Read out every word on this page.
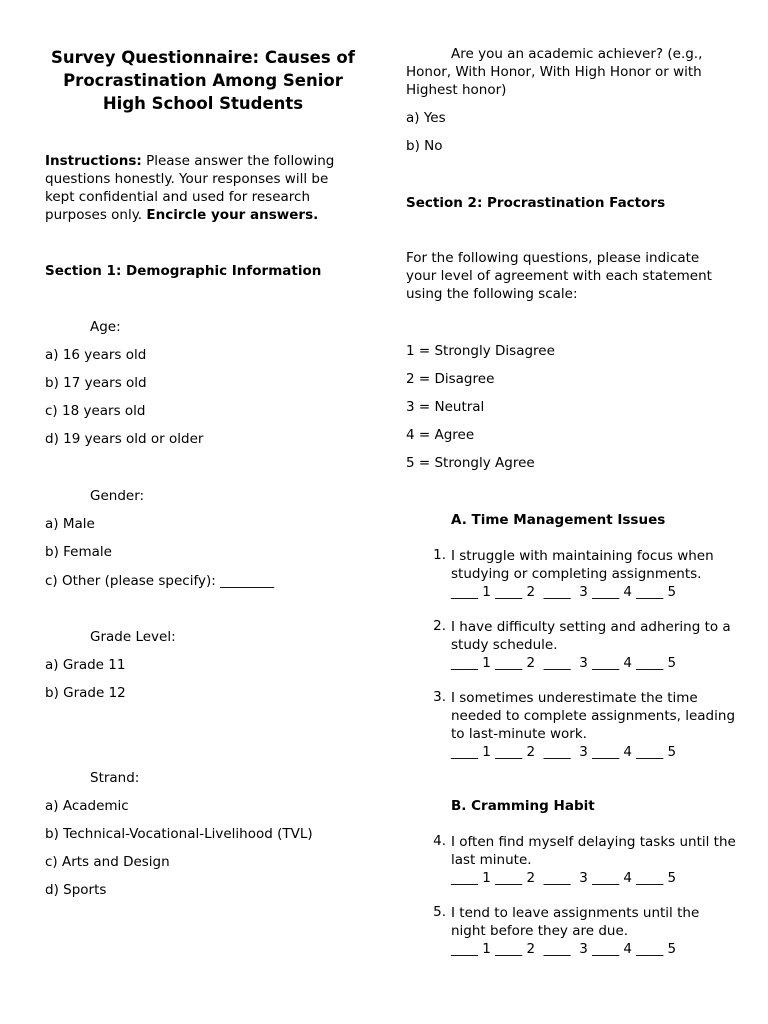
Survey Questionnaire: Causes of Procrastination Among Senior High School Students

Instructions: Please answer the following questions honestly. Your responses will be kept confidential and used for research purposes only. Encircle your answers.

Section 1: Demographic Information

Age:

a) 16 years old

b) 17 years old

c) 18 years old

d) 19 years old or older

Gender:

a) Male

b) Female

c) Other (please specify): ________

Grade Level:

a) Grade 11

b) Grade 12

Strand:

a) Academic

b) Technical-Vocational-Livelihood (TVL)

c) Arts and Design

d) Sports

Are you an academic achiever? (e.g., Honor, With Honor, With High Honor or with Highest honor)

a) Yes

b) No

Section 2: Procrastination Factors

For the following questions, please indicate your level of agreement with each statement using the following scale:

1 = Strongly Disagree

2 = Disagree

3 = Neutral

4 = Agree

5 = Strongly Agree

A. Time Management Issues

1. I struggle with maintaining focus when studying or completing assignments.
____ 1 ____ 2  ____  3 ____ 4 ____ 5
2. I have difficulty setting and adhering to a study schedule.
____ 1 ____ 2  ____  3 ____ 4 ____ 5
3. I sometimes underestimate the time needed to complete assignments, leading to last-minute work.
____ 1 ____ 2  ____  3 ____ 4 ____ 5

B. Cramming Habit

4. I often find myself delaying tasks until the last minute.
____ 1 ____ 2  ____  3 ____ 4 ____ 5
5. I tend to leave assignments until the night before they are due.
____ 1 ____ 2  ____  3 ____ 4 ____ 5
